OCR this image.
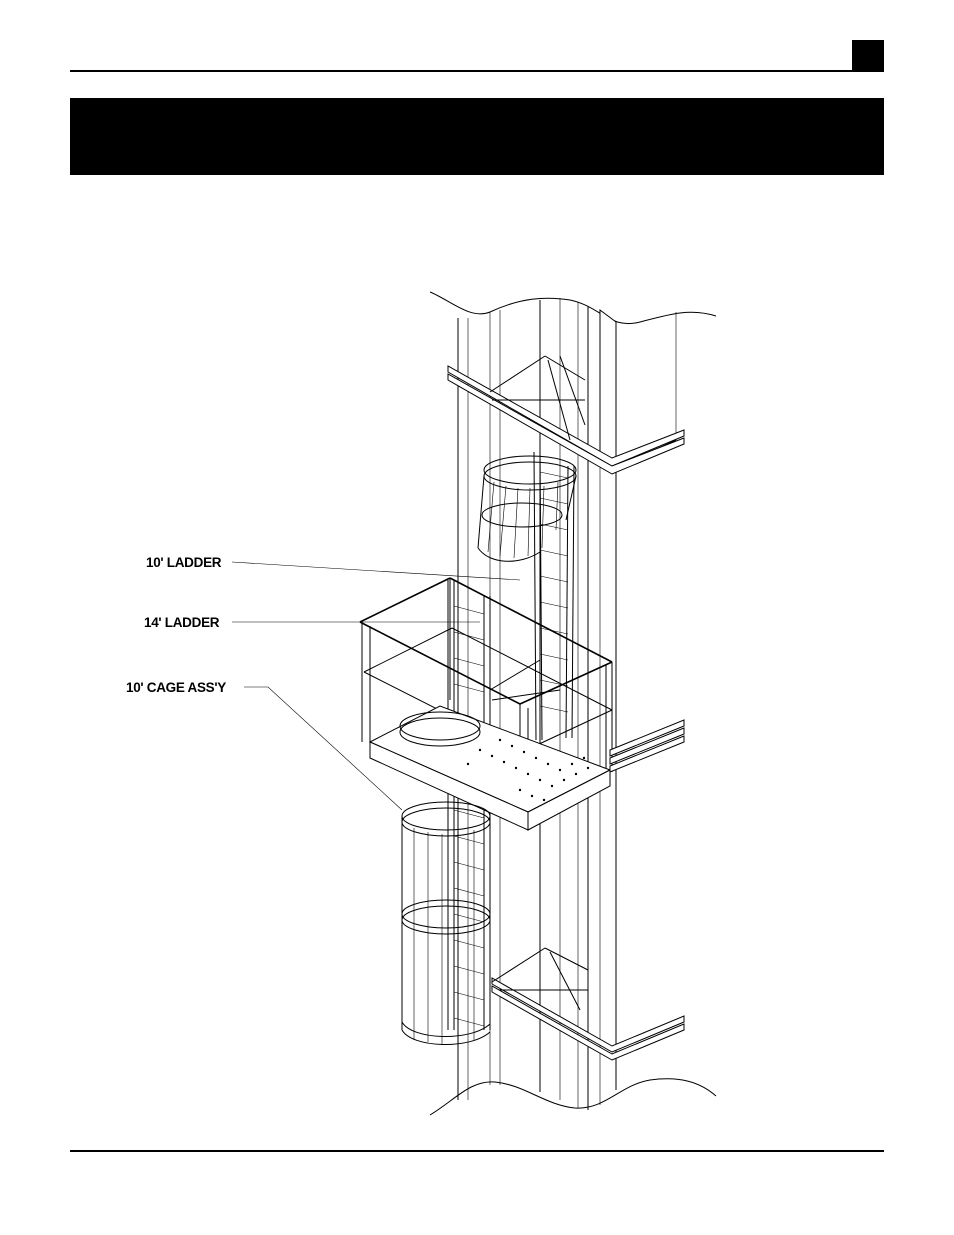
10' LADDER
14' LADDER
10' CAGE ASS'Y
